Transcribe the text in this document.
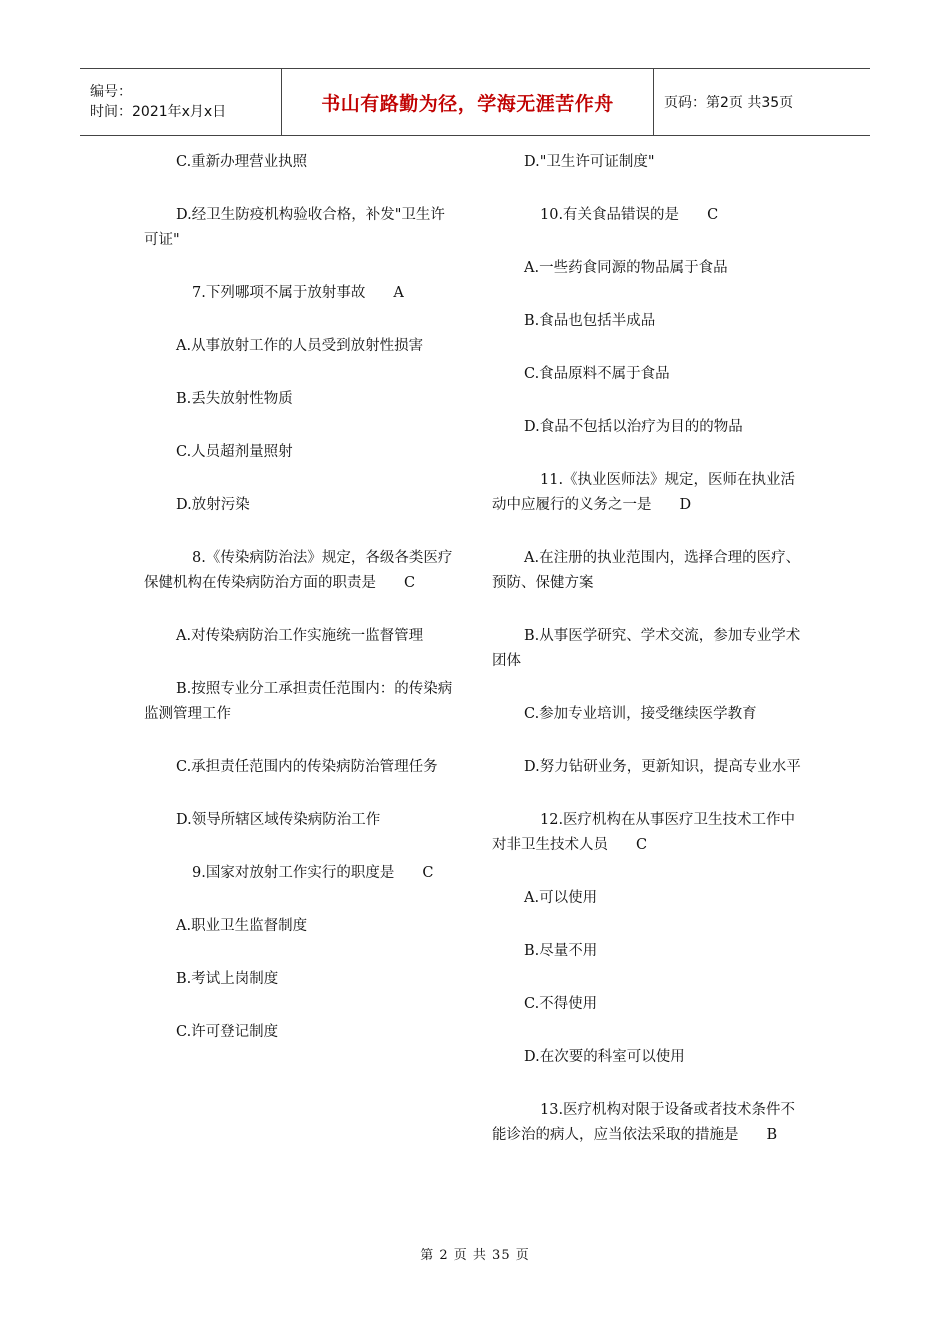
编号：
时间：2021年x月x日	书山有路勤为径，学海无涯苦作舟	页码：第2页 共35页

C.重新办理营业执照

D.经卫生防疫机构验收合格，补发"卫生许可证"

7.下列哪项不属于放射事故 A

A.从事放射工作的人员受到放射性损害

B.丢失放射性物质

C.人员超剂量照射

D.放射污染

8.《传染病防治法》规定，各级各类医疗保健机构在传染病防治方面的职责是 C

A.对传染病防治工作实施统一监督管理

B.按照专业分工承担责任范围内：的传染病监测管理工作

C.承担责任范围内的传染病防治管理任务

D.领导所辖区域传染病防治工作

9.国家对放射工作实行的职度是 C

A.职业卫生监督制度

B.考试上岗制度

C.许可登记制度

D."卫生许可证制度"

10.有关食品错误的是 C

A.一些药食同源的物品属于食品

B.食品也包括半成品

C.食品原料不属于食品

D.食品不包括以治疗为目的的物品

11.《执业医师法》规定，医师在执业活动中应履行的义务之一是 D

A.在注册的执业范围内，选择合理的医疗、预防、保健方案

B.从事医学研究、学术交流，参加专业学术团体

C.参加专业培训，接受继续医学教育

D.努力钻研业务，更新知识，提高专业水平

12.医疗机构在从事医疗卫生技术工作中对非卫生技术人员 C

A.可以使用

B.尽量不用

C.不得使用

D.在次要的科室可以使用

13.医疗机构对限于设备或者技术条件不能诊治的病人，应当依法采取的措施是 B

第 2 页 共 35 页
